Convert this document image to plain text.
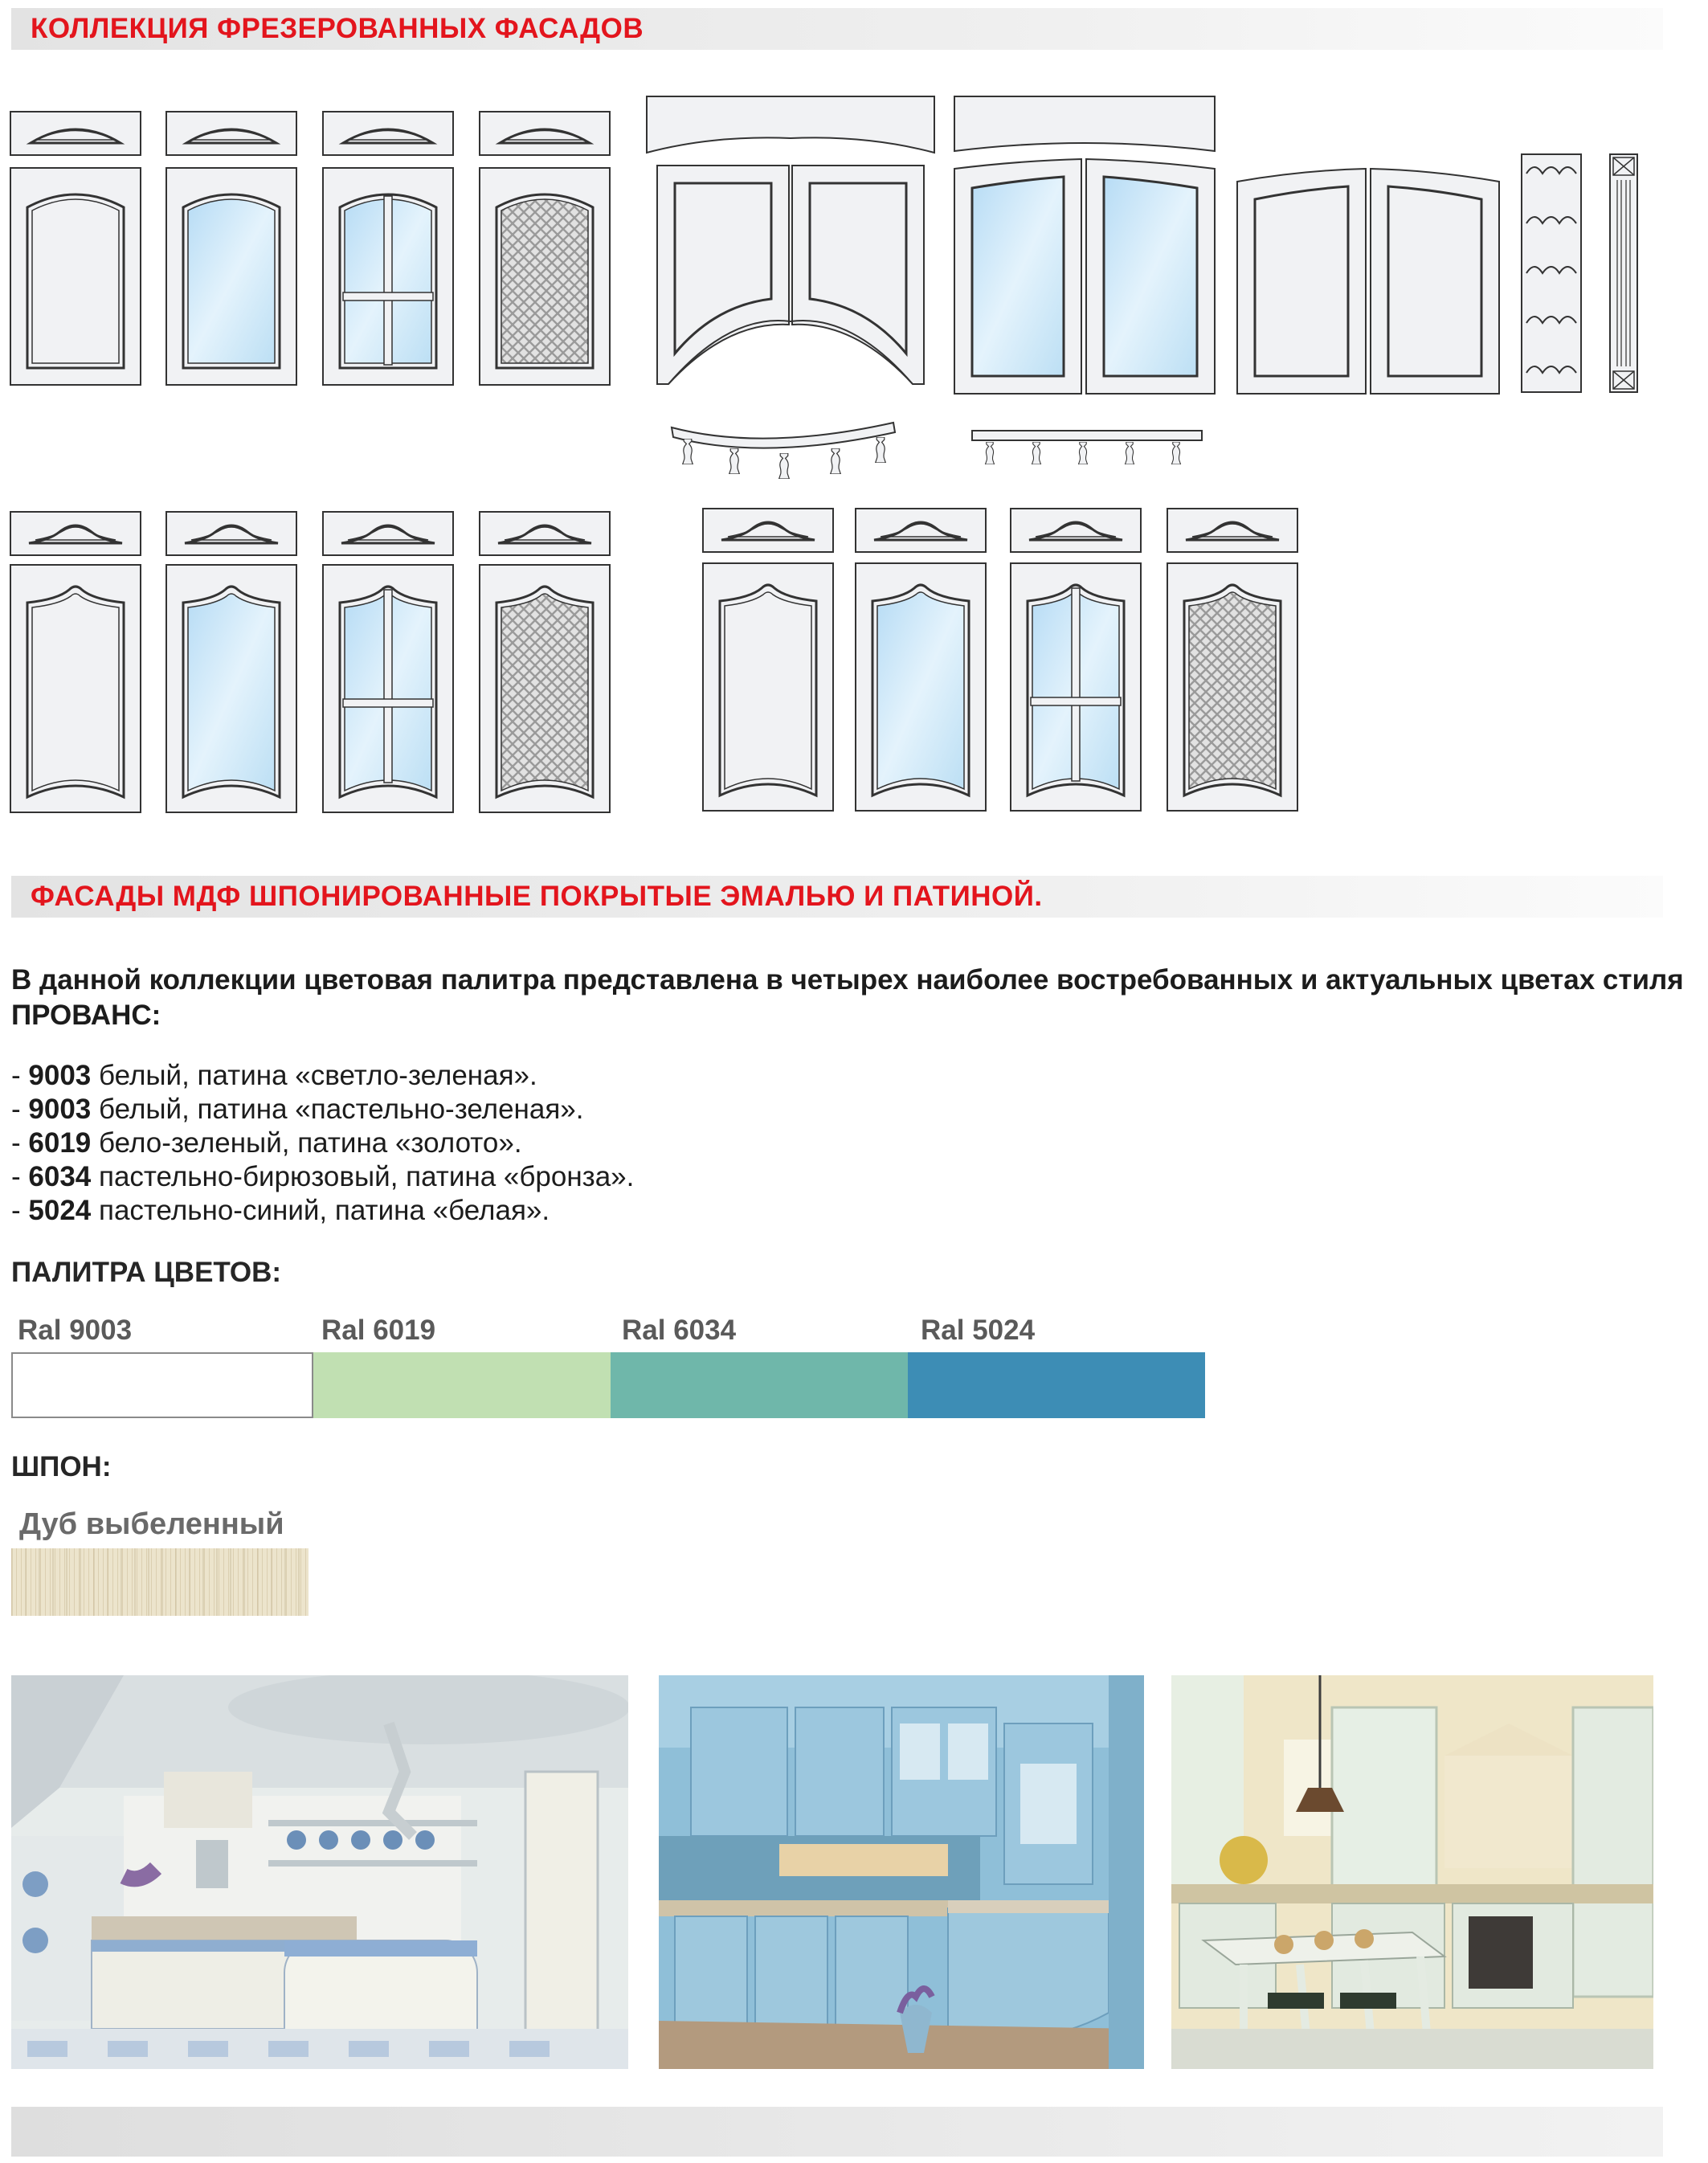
КОЛЛЕКЦИЯ ФРЕЗЕРОВАННЫХ ФАСАДОВ
ФАСАДЫ МДФ ШПОНИРОВАННЫЕ ПОКРЫТЫЕ ЭМАЛЬЮ И ПАТИНОЙ.
В данной коллекции цветовая палитра представлена в четырех наиболее востребованных и актуальных цветах стиля ПРОВАНС:
- 9003 белый, патина «светло-зеленая».
- 9003 белый, патина «пастельно-зеленая».
- 6019 бело-зеленый, патина «золото».
- 6034 пастельно-бирюзовый, патина «бронза».
- 5024 пастельно-синий, патина «белая».
ПАЛИТРА ЦВЕТОВ:
Ral 9003	Ral 6019	Ral 6034	Ral 5024
ШПОН:
Дуб выбеленный
